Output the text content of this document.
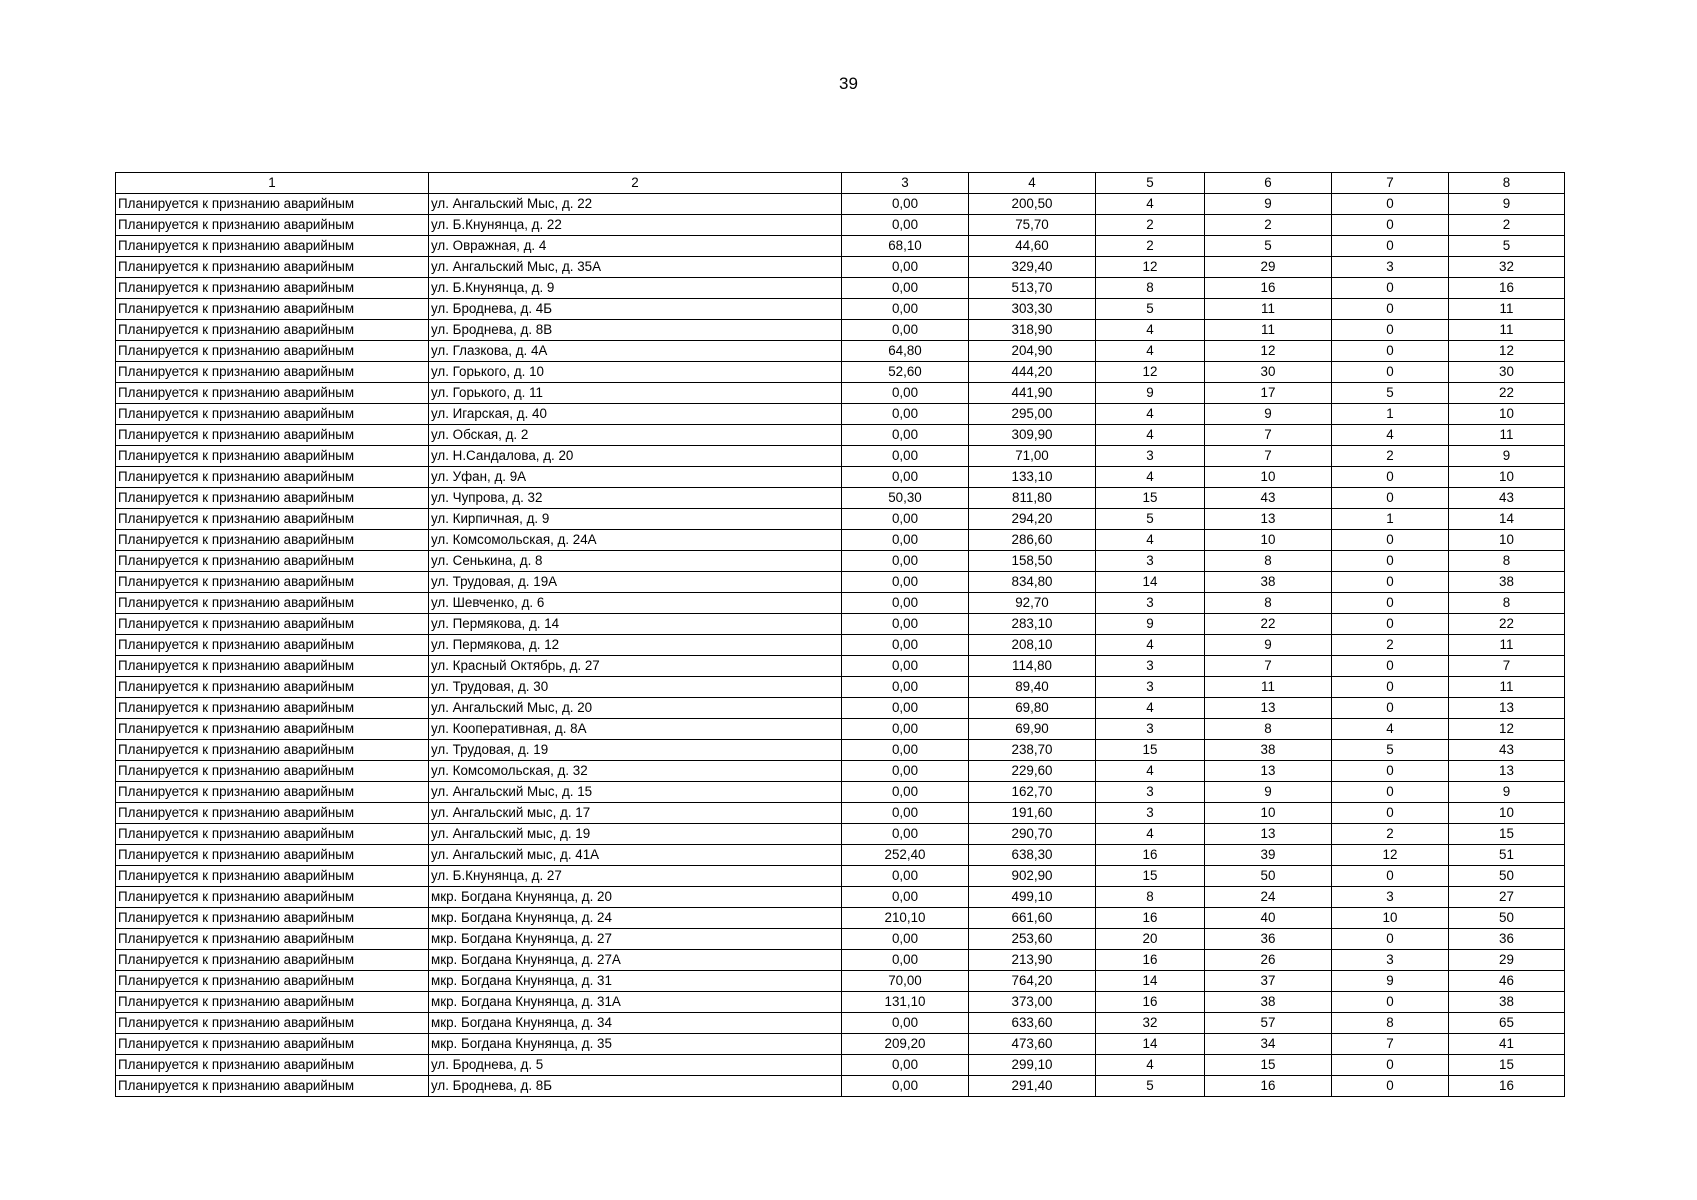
39
1	2	3	4	5	6	7	8
Планируется к признанию аварийным	ул. Ангальский Мыс, д. 22	0,00	200,50	4	9	0	9
Планируется к признанию аварийным	ул. Б.Кнунянца, д. 22	0,00	75,70	2	2	0	2
Планируется к признанию аварийным	ул. Овражная, д. 4	68,10	44,60	2	5	0	5
Планируется к признанию аварийным	ул. Ангальский Мыс, д. 35А	0,00	329,40	12	29	3	32
Планируется к признанию аварийным	ул. Б.Кнунянца, д. 9	0,00	513,70	8	16	0	16
Планируется к признанию аварийным	ул. Броднева, д. 4Б	0,00	303,30	5	11	0	11
Планируется к признанию аварийным	ул. Броднева, д. 8В	0,00	318,90	4	11	0	11
Планируется к признанию аварийным	ул. Глазкова, д. 4А	64,80	204,90	4	12	0	12
Планируется к признанию аварийным	ул. Горького, д. 10	52,60	444,20	12	30	0	30
Планируется к признанию аварийным	ул. Горького, д. 11	0,00	441,90	9	17	5	22
Планируется к признанию аварийным	ул. Игарская, д. 40	0,00	295,00	4	9	1	10
Планируется к признанию аварийным	ул. Обская, д. 2	0,00	309,90	4	7	4	11
Планируется к признанию аварийным	ул. Н.Сандалова, д. 20	0,00	71,00	3	7	2	9
Планируется к признанию аварийным	ул. Уфан, д. 9А	0,00	133,10	4	10	0	10
Планируется к признанию аварийным	ул. Чупрова, д. 32	50,30	811,80	15	43	0	43
Планируется к признанию аварийным	ул. Кирпичная, д. 9	0,00	294,20	5	13	1	14
Планируется к признанию аварийным	ул. Комсомольская, д. 24А	0,00	286,60	4	10	0	10
Планируется к признанию аварийным	ул. Сенькина, д. 8	0,00	158,50	3	8	0	8
Планируется к признанию аварийным	ул. Трудовая, д. 19А	0,00	834,80	14	38	0	38
Планируется к признанию аварийным	ул. Шевченко, д. 6	0,00	92,70	3	8	0	8
Планируется к признанию аварийным	ул. Пермякова, д. 14	0,00	283,10	9	22	0	22
Планируется к признанию аварийным	ул. Пермякова, д. 12	0,00	208,10	4	9	2	11
Планируется к признанию аварийным	ул. Красный Октябрь, д. 27	0,00	114,80	3	7	0	7
Планируется к признанию аварийным	ул. Трудовая, д. 30	0,00	89,40	3	11	0	11
Планируется к признанию аварийным	ул. Ангальский Мыс, д. 20	0,00	69,80	4	13	0	13
Планируется к признанию аварийным	ул. Кооперативная, д. 8А	0,00	69,90	3	8	4	12
Планируется к признанию аварийным	ул. Трудовая, д. 19	0,00	238,70	15	38	5	43
Планируется к признанию аварийным	ул. Комсомольская, д. 32	0,00	229,60	4	13	0	13
Планируется к признанию аварийным	ул. Ангальский Мыс, д. 15	0,00	162,70	3	9	0	9
Планируется к признанию аварийным	ул. Ангальский мыс, д. 17	0,00	191,60	3	10	0	10
Планируется к признанию аварийным	ул. Ангальский мыс, д. 19	0,00	290,70	4	13	2	15
Планируется к признанию аварийным	ул. Ангальский мыс, д. 41А	252,40	638,30	16	39	12	51
Планируется к признанию аварийным	ул. Б.Кнунянца, д. 27	0,00	902,90	15	50	0	50
Планируется к признанию аварийным	мкр. Богдана Кнунянца, д. 20	0,00	499,10	8	24	3	27
Планируется к признанию аварийным	мкр. Богдана Кнунянца, д. 24	210,10	661,60	16	40	10	50
Планируется к признанию аварийным	мкр. Богдана Кнунянца, д. 27	0,00	253,60	20	36	0	36
Планируется к признанию аварийным	мкр. Богдана Кнунянца, д. 27А	0,00	213,90	16	26	3	29
Планируется к признанию аварийным	мкр. Богдана Кнунянца, д. 31	70,00	764,20	14	37	9	46
Планируется к признанию аварийным	мкр. Богдана Кнунянца, д. 31А	131,10	373,00	16	38	0	38
Планируется к признанию аварийным	мкр. Богдана Кнунянца, д. 34	0,00	633,60	32	57	8	65
Планируется к признанию аварийным	мкр. Богдана Кнунянца, д. 35	209,20	473,60	14	34	7	41
Планируется к признанию аварийным	ул. Броднева, д. 5	0,00	299,10	4	15	0	15
Планируется к признанию аварийным	ул. Броднева, д. 8Б	0,00	291,40	5	16	0	16
